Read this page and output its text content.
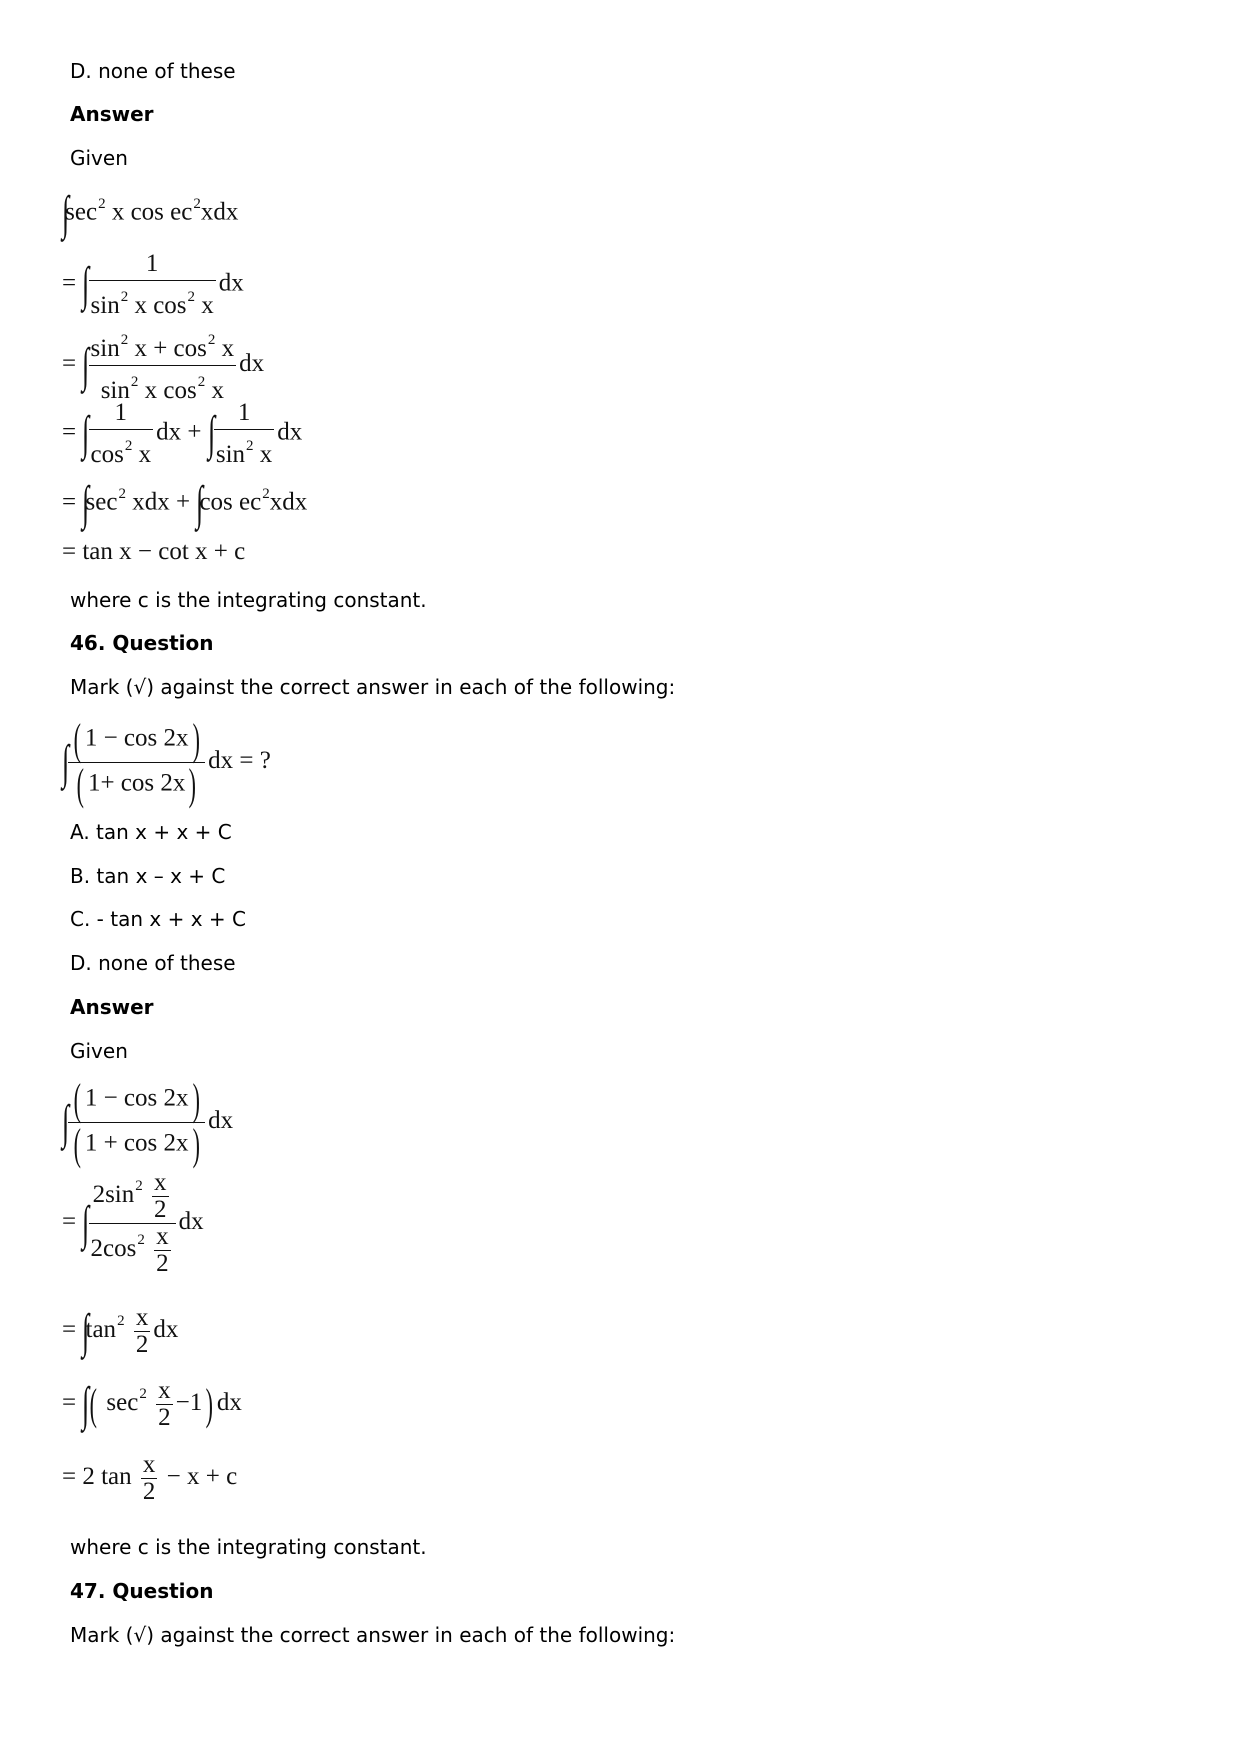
D. none of these
Answer
Given
$\int\sec^2$ x $\cos ec^2xdx$
= ∫
$\frac{1}{\sin^2 x \cos^2 x}$ dx
= ∫
$\frac{\sin^2 x + \cos^2 x}{\sin^2 x \cos^2 x}$ dx
= ∫
$\frac{1}{\cos^2 x}$ dx + ∫
$\frac{1}{\sin^2 x}$ dx
= $\int\sec^2$ xdx + ∫cos $ec^2xdx$
= tan x − cot x + c
where c is the integrating constant.
46. Question
Mark (√) against the correct answer in each of the following:
∫
$\frac{( 1 - \cos 2x)}{( 1+ \cos 2x)}$ dx = ?
A. tan x + x + C
B. tan x – x + C
C. - tan x + x + C
D. none of these
Answer
Given
∫
$\frac{( 1 - \cos 2x)}{( 1 + \cos 2x)}$ dx
= ∫
$\frac{2\sin^2 \frac{x}{2}}{2\cos^2 \frac{x}{2}}$ dx
= $\int\tan^2 \frac{x}{2}$ dx
= ∫( $\sec^2 \frac{x}{2} -1$) dx
= 2 $\tan \frac{x}{2} - x + c$
where c is the integrating constant.
47. Question
Mark (√) against the correct answer in each of the following:
